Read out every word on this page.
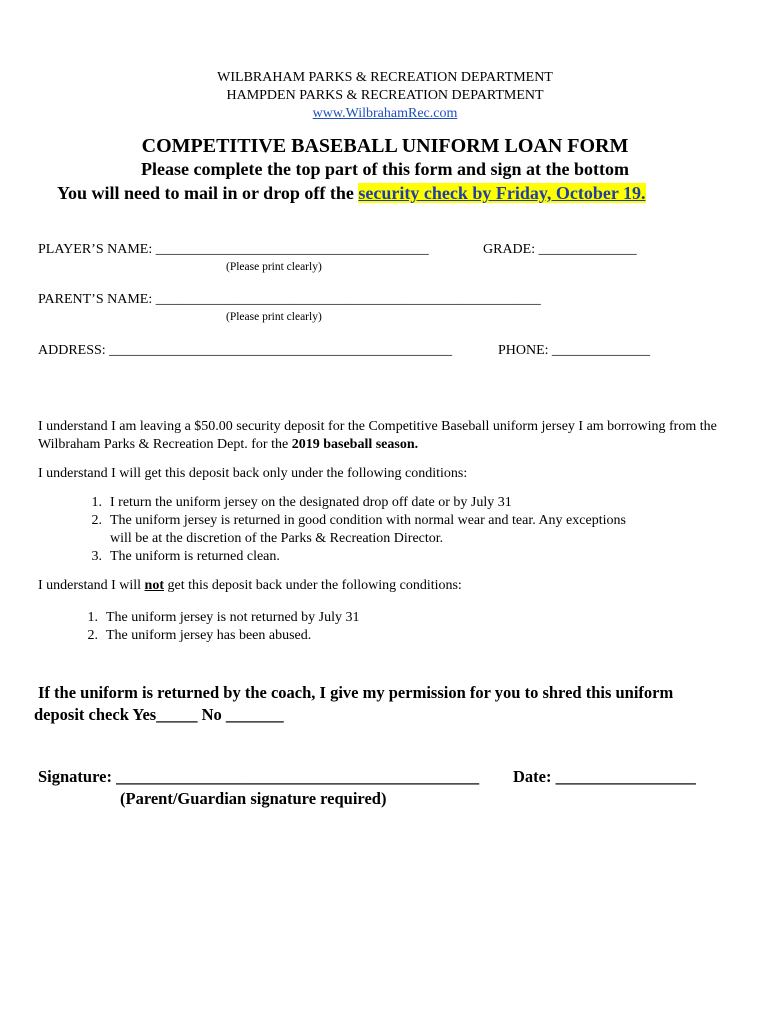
WILBRAHAM PARKS & RECREATION DEPARTMENT
HAMPDEN PARKS & RECREATION DEPARTMENT
www.WilbrahamRec.com
COMPETITIVE BASEBALL UNIFORM LOAN FORM
Please complete the top part of this form and sign at the bottom
You will need to mail in or drop off the security check by Friday, October 19.
PLAYER’S NAME: _______________________________________	GRADE: ______________
(Please print clearly)
PARENT’S NAME: _______________________________________________________
(Please print clearly)
ADDRESS: _________________________________________________	PHONE: ______________
I understand I am leaving a $50.00 security deposit for the Competitive Baseball uniform jersey I am borrowing from the Wilbraham Parks & Recreation Dept. for the 2019 baseball season.
I understand I will get this deposit back only under the following conditions:
1. I return the uniform jersey on the designated drop off date or by July 31
2. The uniform jersey is returned in good condition with normal wear and tear. Any exceptions
will be at the discretion of the Parks & Recreation Director.
3. The uniform is returned clean.
I understand I will not get this deposit back under the following conditions:
1. The uniform jersey is not returned by July 31
2. The uniform jersey has been abused.
If the uniform is returned by the coach, I give my permission for you to shred this uniform
deposit check Yes_____ No _______
Signature: ____________________________________________ Date: _________________
(Parent/Guardian signature required)
